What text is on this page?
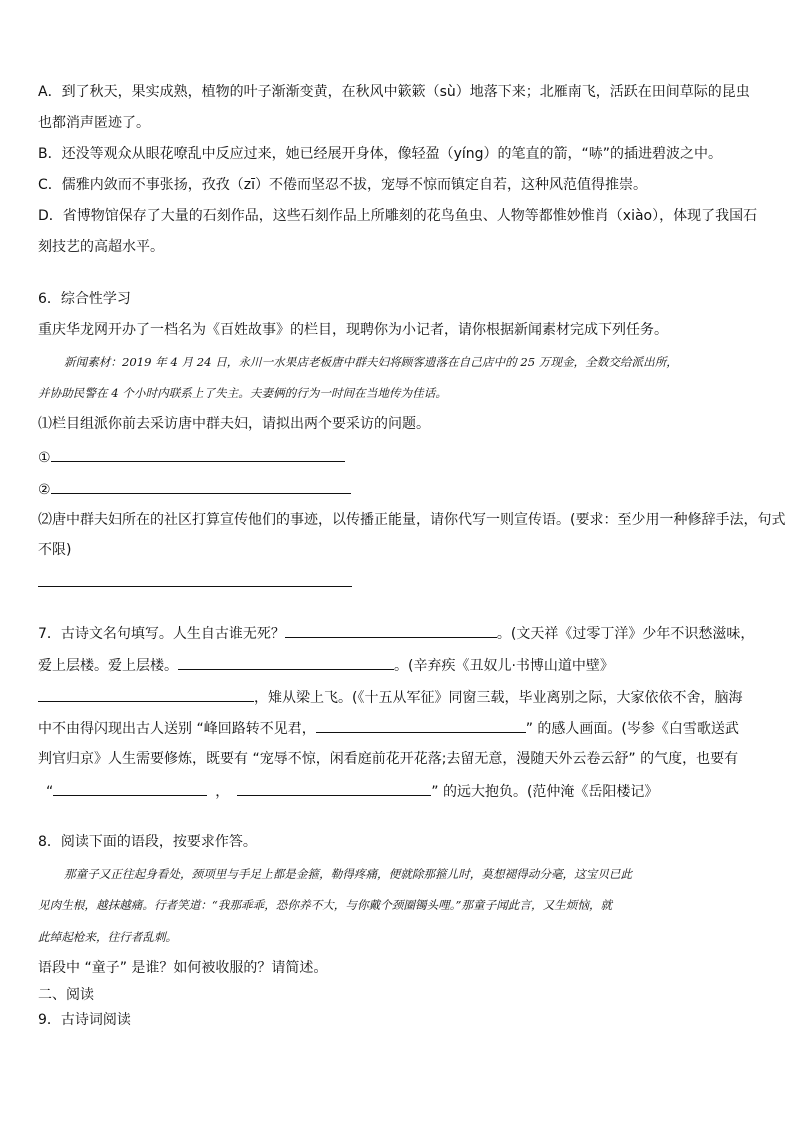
A．到了秋天，果实成熟，植物的叶子渐渐变黄，在秋风中簌簌（sù）地落下来；北雁南飞，活跃在田间草际的昆虫
也都消声匿迹了。
B．还没等观众从眼花嘹乱中反应过来，她已经展开身体，像轻盈（yíng）的笔直的箭，“哧”的插进碧波之中。
C．儒雅内敛而不事张扬，孜孜（zī）不倦而坚忍不拔，宠辱不惊而镇定自若，这种风范值得推崇。
D．省博物馆保存了大量的石刻作品，这些石刻作品上所雕刻的花鸟鱼虫、人物等都惟妙惟肖（xiào），体现了我国石
刻技艺的高超水平。
6．综合性学习
重庆华龙网开办了一档名为《百姓故事》的栏目，现聘你为小记者，请你根据新闻素材完成下列任务。
新闻素材：2019 年 4 月 24 日，永川一水果店老板唐中群夫妇将顾客遗落在自己店中的 25 万现金，全数交给派出所，
并协助民警在 4 个小时内联系上了失主。夫妻俩的行为一时间在当地传为佳话。
⑴栏目组派你前去采访唐中群夫妇，请拟出两个要采访的问题。
①
②
⑵唐中群夫妇所在的社区打算宣传他们的事迹，以传播正能量，请你代写一则宣传语。(要求：至少用一种修辞手法，句式
不限)
7．古诗文名句填写。人生自古谁无死？	。(文天祥《过零丁洋》少年不识愁滋味，
爱上层楼。爱上层楼。	。(辛弃疾《丑奴儿·书博山道中壁》
，雉从梁上飞。(《十五从军征》同窗三载，毕业离别之际，大家依依不舍，脑海
中不由得闪现出古人送别 “峰回路转不见君，	” 的感人画面。(岑参《白雪歌送武
判官归京》人生需要修炼，既要有 “宠辱不惊，闲看庭前花开花落;去留无意，漫随天外云卷云舒” 的气度，也要有
“	，	” 的远大抱负。(范仲淹《岳阳楼记》
8．阅读下面的语段，按要求作答。
那童子又正往起身看处，颈项里与手足上都是金箍，勒得疼痛，便就除那箍儿时，莫想褪得动分毫，这宝贝已此
见肉生根，越抹越痛。行者笑道：“我那乖乖，恐你养不大，与你戴个颈圈镯头哩。”那童子闻此言，又生烦恼，就
此绰起枪来，往行者乱刺。
语段中 “童子” 是谁？如何被收服的？请简述。
二、阅读
9．古诗词阅读
